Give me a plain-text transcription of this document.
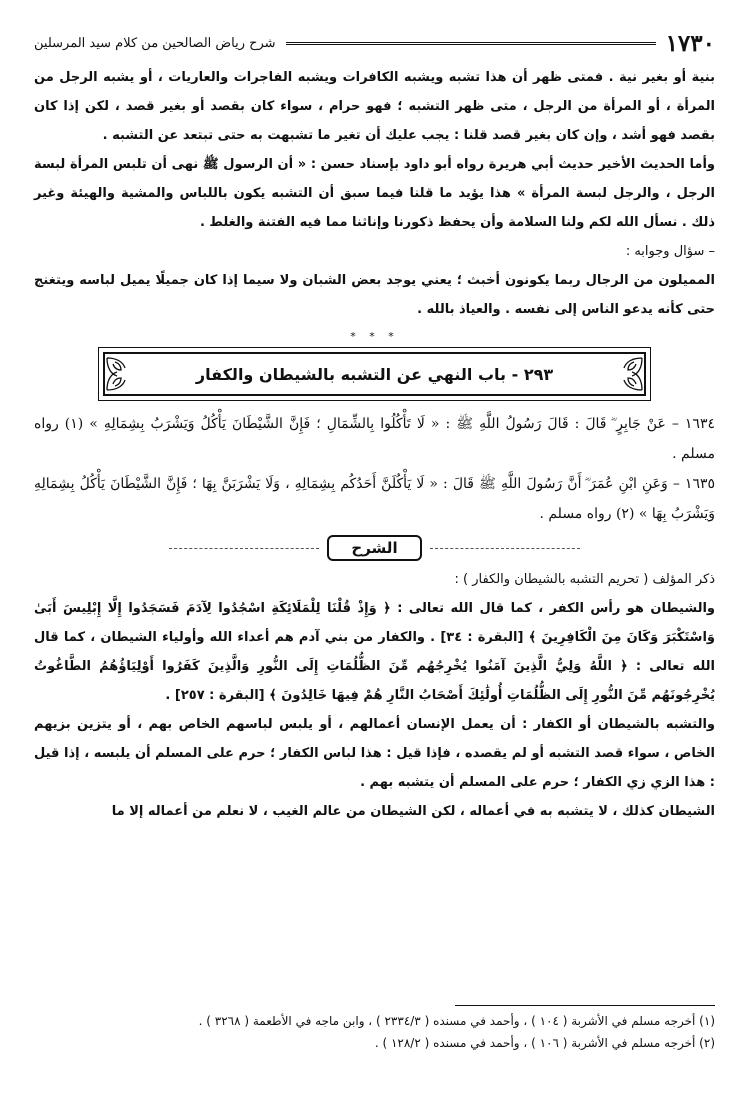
١٧٣٠
شرح رياض الصالحين من كلام سيد المرسلين

بنية أو بغير نية . فمتى ظهر أن هذا تشبه ويشبه الكافرات ويشبه الفاجرات والعاريات ، أو يشبه الرجل من المرأة ، أو المرأة من الرجل ، متى ظهر التشبه ؛ فهو حرام ، سواء كان بقصد أو بغير قصد ، لكن إذا كان بقصد فهو أشد ، وإن كان بغير قصد قلنا : يجب عليك أن تغير ما تشبهت به حتى تبتعد عن التشبه .

وأما الحديث الأخير حديث أبي هريرة رواه أبو داود بإسناد حسن : « أن الرسول ﷺ نهى أن تلبس المرأة لبسة الرجل ، والرجل لبسة المرأة » هذا يؤيد ما قلنا فيما سبق أن التشبه يكون باللباس والمشية والهيئة وغير ذلك . نسأل الله لكم ولنا السلامة وأن يحفظ ذكورنا وإناثنا مما فيه الفتنة والغلط .

– سؤال وجوابه :

المميلون من الرجال ربما يكونون أخبث ؛ يعني يوجد بعض الشبان ولا سيما إذا كان جميلًا يميل لباسه ويتغنج حتى كأنه يدعو الناس إلى نفسه . والعياذ بالله .

* * *
٢٩٣ - باب النهي عن التشبه بالشيطان والكفار

١٦٣٤ – عَنْ جَابِرٍ ؓ قَالَ : قَالَ رَسُولُ اللَّهِ ﷺ : « لَا تَأْكُلُوا بِالشِّمَالِ ؛ فَإِنَّ الشَّيْطَانَ يَأْكُلُ وَيَشْرَبُ بِشِمَالِهِ » (١) رواه مسلم .

١٦٣٥ – وَعَنِ ابْنِ عُمَرَ ؓ أَنَّ رَسُولَ اللَّهِ ﷺ قَالَ : « لَا يَأْكُلَنَّ أَحَدُكُم بِشِمَالِهِ ، وَلَا يَشْرَبَنَّ بِهَا ؛ فَإِنَّ الشَّيْطَانَ يَأْكُلُ بِشِمَالِهِ وَيَشْرَبُ بِهَا » (٢) رواه مسلم .

الشرح

ذكر المؤلف ( تحريم التشبه بالشيطان والكفار ) :

والشيطان هو رأس الكفر ، كما قال الله تعالى : ﴿ وَإِذْ قُلْنَا لِلْمَلَائِكَةِ اسْجُدُوا لِآدَمَ فَسَجَدُوا إِلَّا إِبْلِيسَ أَبَىٰ وَاسْتَكْبَرَ وَكَانَ مِنَ الْكَافِرِينَ ﴾ [البقرة : ٣٤] . والكفار من بني آدم هم أعداء الله وأولياء الشيطان ، كما قال الله تعالى : ﴿ اللَّهُ وَلِيُّ الَّذِينَ آمَنُوا يُخْرِجُهُم مِّنَ الظُّلُمَاتِ إِلَى النُّورِ وَالَّذِينَ كَفَرُوا أَوْلِيَاؤُهُمُ الطَّاغُوتُ يُخْرِجُونَهُم مِّنَ النُّورِ إِلَى الظُّلُمَاتِ أُولَٰئِكَ أَصْحَابُ النَّارِ هُمْ فِيهَا خَالِدُونَ ﴾ [البقرة : ٢٥٧] .

والتشبه بالشيطان أو الكفار : أن يعمل الإنسان أعمالهم ، أو يلبس لباسهم الخاص بهم ، أو يتزين بزيهم الخاص ، سواء قصد التشبه أو لم يقصده ، فإذا قيل : هذا لباس الكفار ؛ حرم على المسلم أن يلبسه ، إذا قيل : هذا الزي زي الكفار ؛ حرم على المسلم أن يتشبه بهم .

الشيطان كذلك ، لا يتشبه به في أعماله ، لكن الشيطان من عالم الغيب ، لا نعلم من أعماله إلا ما

(١) أخرجه مسلم في الأشربة ( ١٠٤ ) ، وأحمد في مسنده ( ٢٣٣٤/٣ ) ، وابن ماجه في الأطعمة ( ٣٢٦٨ ) .

(٢) أخرجه مسلم في الأشربة ( ١٠٦ ) ، وأحمد في مسنده ( ١٢٨/٢ ) .
